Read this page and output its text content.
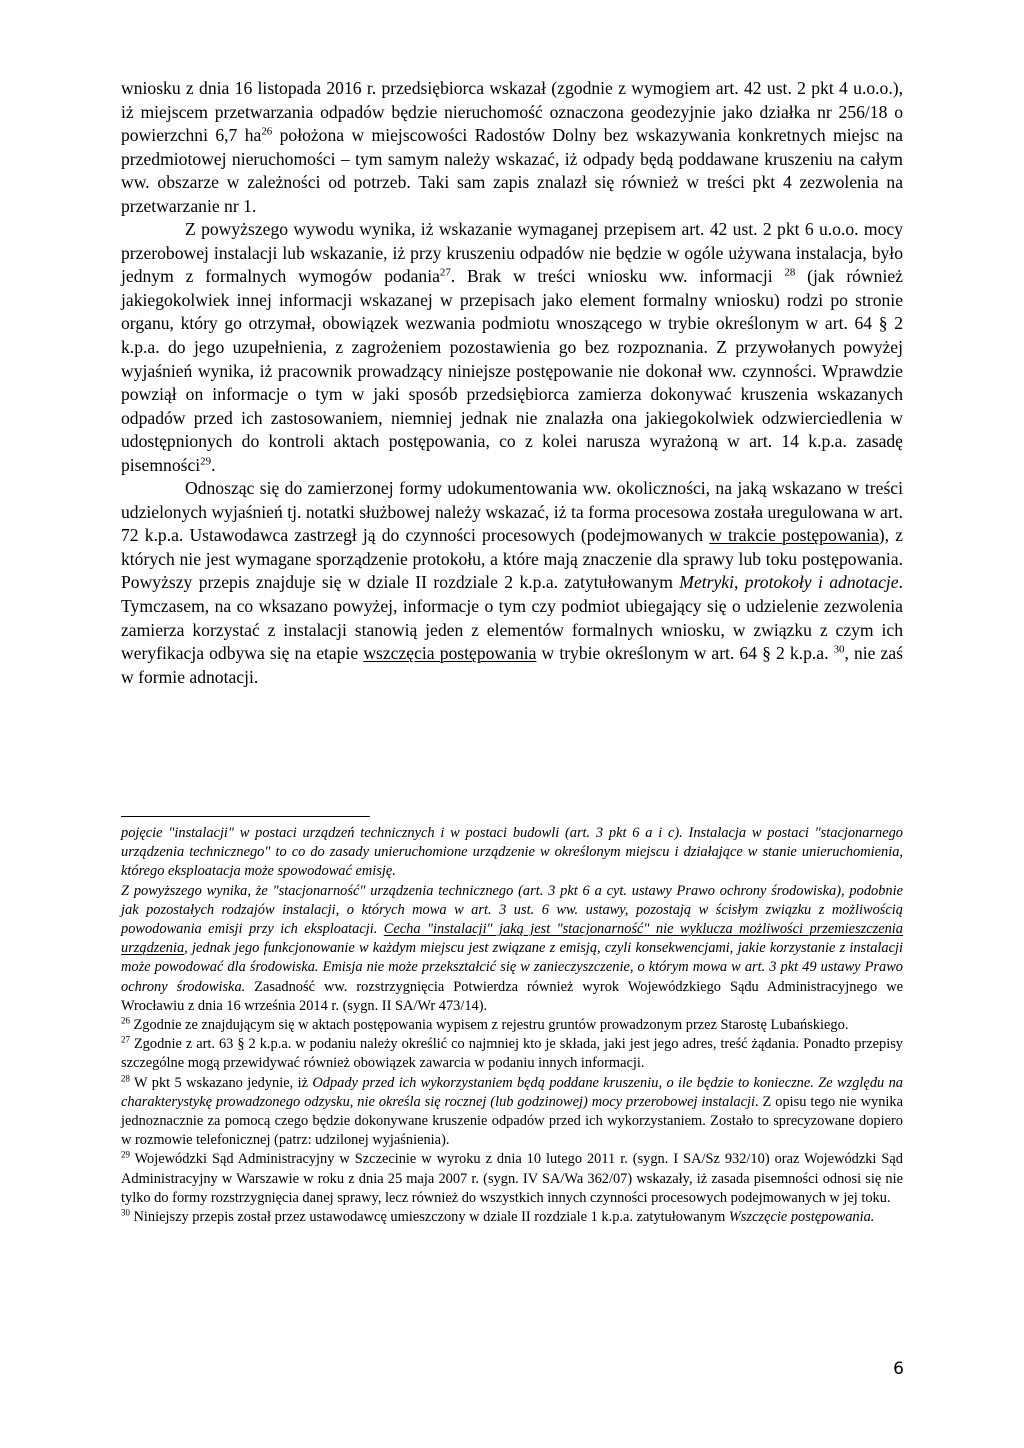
wniosku z dnia 16 listopada 2016 r. przedsiębiorca wskazał (zgodnie z wymogiem art. 42 ust. 2 pkt 4 u.o.o.), iż miejscem przetwarzania odpadów będzie nieruchomość oznaczona geodezyjnie jako działka nr 256/18 o powierzchni 6,7 $ha^{26}$ położona w miejscowości Radostów Dolny bez wskazywania konkretnych miejsc na przedmiotowej nieruchomości – tym samym należy wskazać, iż odpady będą poddawane kruszeniu na całym ww. obszarze w zależności od potrzeb. Taki sam zapis znalazł się również w treści pkt 4 zezwolenia na przetwarzanie nr 1.

Z powyższego wywodu wynika, iż wskazanie wymaganej przepisem art. 42 ust. 2 pkt 6 u.o.o. mocy przerobowej instalacji lub wskazanie, iż przy kruszeniu odpadów nie będzie w ogóle używana instalacja, było jednym z formalnych wymogów podania$^{27}$. Brak w treści wniosku ww. informacji $^{28}$ (jak również jakiegokolwiek innej informacji wskazanej w przepisach jako element formalny wniosku) rodzi po stronie organu, który go otrzymał, obowiązek wezwania podmiotu wnoszącego w trybie określonym w art. 64 § 2 k.p.a. do jego uzupełnienia, z zagrożeniem pozostawienia go bez rozpoznania. Z przywołanych powyżej wyjaśnień wynika, iż pracownik prowadzący niniejsze postępowanie nie dokonał ww. czynności. Wprawdzie powziął on informacje o tym w jaki sposób przedsiębiorca zamierza dokonywać kruszenia wskazanych odpadów przed ich zastosowaniem, niemniej jednak nie znalazła ona jakiegokolwiek odzwierciedlenia w udostępnionych do kontroli aktach postępowania, co z kolei narusza wyrażoną w art. 14 k.p.a. zasadę pisemności$^{29}$.

Odnosząc się do zamierzonej formy udokumentowania ww. okoliczności, na jaką wskazano w treści udzielonych wyjaśnień tj. notatki służbowej należy wskazać, iż ta forma procesowa została uregulowana w art. 72 k.p.a. Ustawodawca zastrzegł ją do czynności procesowych (podejmowanych w trakcie postępowania), z których nie jest wymagane sporządzenie protokołu, a które mają znaczenie dla sprawy lub toku postępowania. Powyższy przepis znajduje się w dziale II rozdziale 2 k.p.a. zatytułowanym Metryki, protokoły i adnotacje. Tymczasem, na co wksazano powyżej, informacje o tym czy podmiot ubiegający się o udzielenie zezwolenia zamierza korzystać z instalacji stanowią jeden z elementów formalnych wniosku, w związku z czym ich weryfikacja odbywa się na etapie wszczęcia postępowania w trybie określonym w art. 64 § 2 k.p.a. $^{30}$, nie zaś w formie adnotacji.

pojęcie "instalacji" w postaci urządzeń technicznych i w postaci budowli (art. 3 pkt 6 a i c). Instalacja w postaci "stacjonarnego urządzenia technicznego" to co do zasady unieruchomione urządzenie w określonym miejscu i działające w stanie unieruchomienia, którego eksploatacja może spowodować emisję.

Z powyższego wynika, że "stacjonarność" urządzenia technicznego (art. 3 pkt 6 a cyt. ustawy Prawo ochrony środowiska), podobnie jak pozostałych rodzajów instalacji, o których mowa w art. 3 ust. 6 ww. ustawy, pozostają w ścisłym związku z możliwością powodowania emisji przy ich eksploatacji. Cecha "instalacji" jaką jest "stacjonarność" nie wyklucza możliwości przemieszczenia urządzenia, jednak jego funkcjonowanie w każdym miejscu jest związane z emisją, czyli konsekwencjami, jakie korzystanie z instalacji może powodować dla środowiska. Emisja nie może przekształcić się w zanieczyszczenie, o którym mowa w art. 3 pkt 49 ustawy Prawo ochrony środowiska. Zasadność ww. rozstrzygnięcia Potwierdza również wyrok Wojewódzkiego Sądu Administracyjnego we Wrocławiu z dnia 16 września 2014 r. (sygn. II SA/Wr 473/14).

$^{26}$ Zgodnie ze znajdującym się w aktach postępowania wypisem z rejestru gruntów prowadzonym przez Starostę Lubańskiego.

$^{27}$ Zgodnie z art. 63 § 2 k.p.a. w podaniu należy określić co najmniej kto je składa, jaki jest jego adres, treść żądania. Ponadto przepisy szczególne mogą przewidywać również obowiązek zawarcia w podaniu innych informacji.

$^{28}$ W pkt 5 wskazano jedynie, iż Odpady przed ich wykorzystaniem będą poddane kruszeniu, o ile będzie to konieczne. Ze względu na charakterystykę prowadzonego odzysku, nie określa się rocznej (lub godzinowej) mocy przerobowej instalacji. Z opisu tego nie wynika jednoznacznie za pomocą czego będzie dokonywane kruszenie odpadów przed ich wykorzystaniem. Zostało to sprecyzowane dopiero w rozmowie telefonicznej (patrz: udzilonej wyjaśnienia).

$^{29}$ Wojewódzki Sąd Administracyjny w Szczecinie w wyroku z dnia 10 lutego 2011 r. (sygn. I SA/Sz 932/10) oraz Wojewódzki Sąd Administracyjny w Warszawie w roku z dnia 25 maja 2007 r. (sygn. IV SA/Wa 362/07) wskazały, iż zasada pisemności odnosi się nie tylko do formy rozstrzygnięcia danej sprawy, lecz również do wszystkich innych czynności procesowych podejmowanych w jej toku.

$^{30}$ Niniejszy przepis został przez ustawodawcę umieszczony w dziale II rozdziale 1 k.p.a. zatytułowanym Wszczęcie postępowania.

6
